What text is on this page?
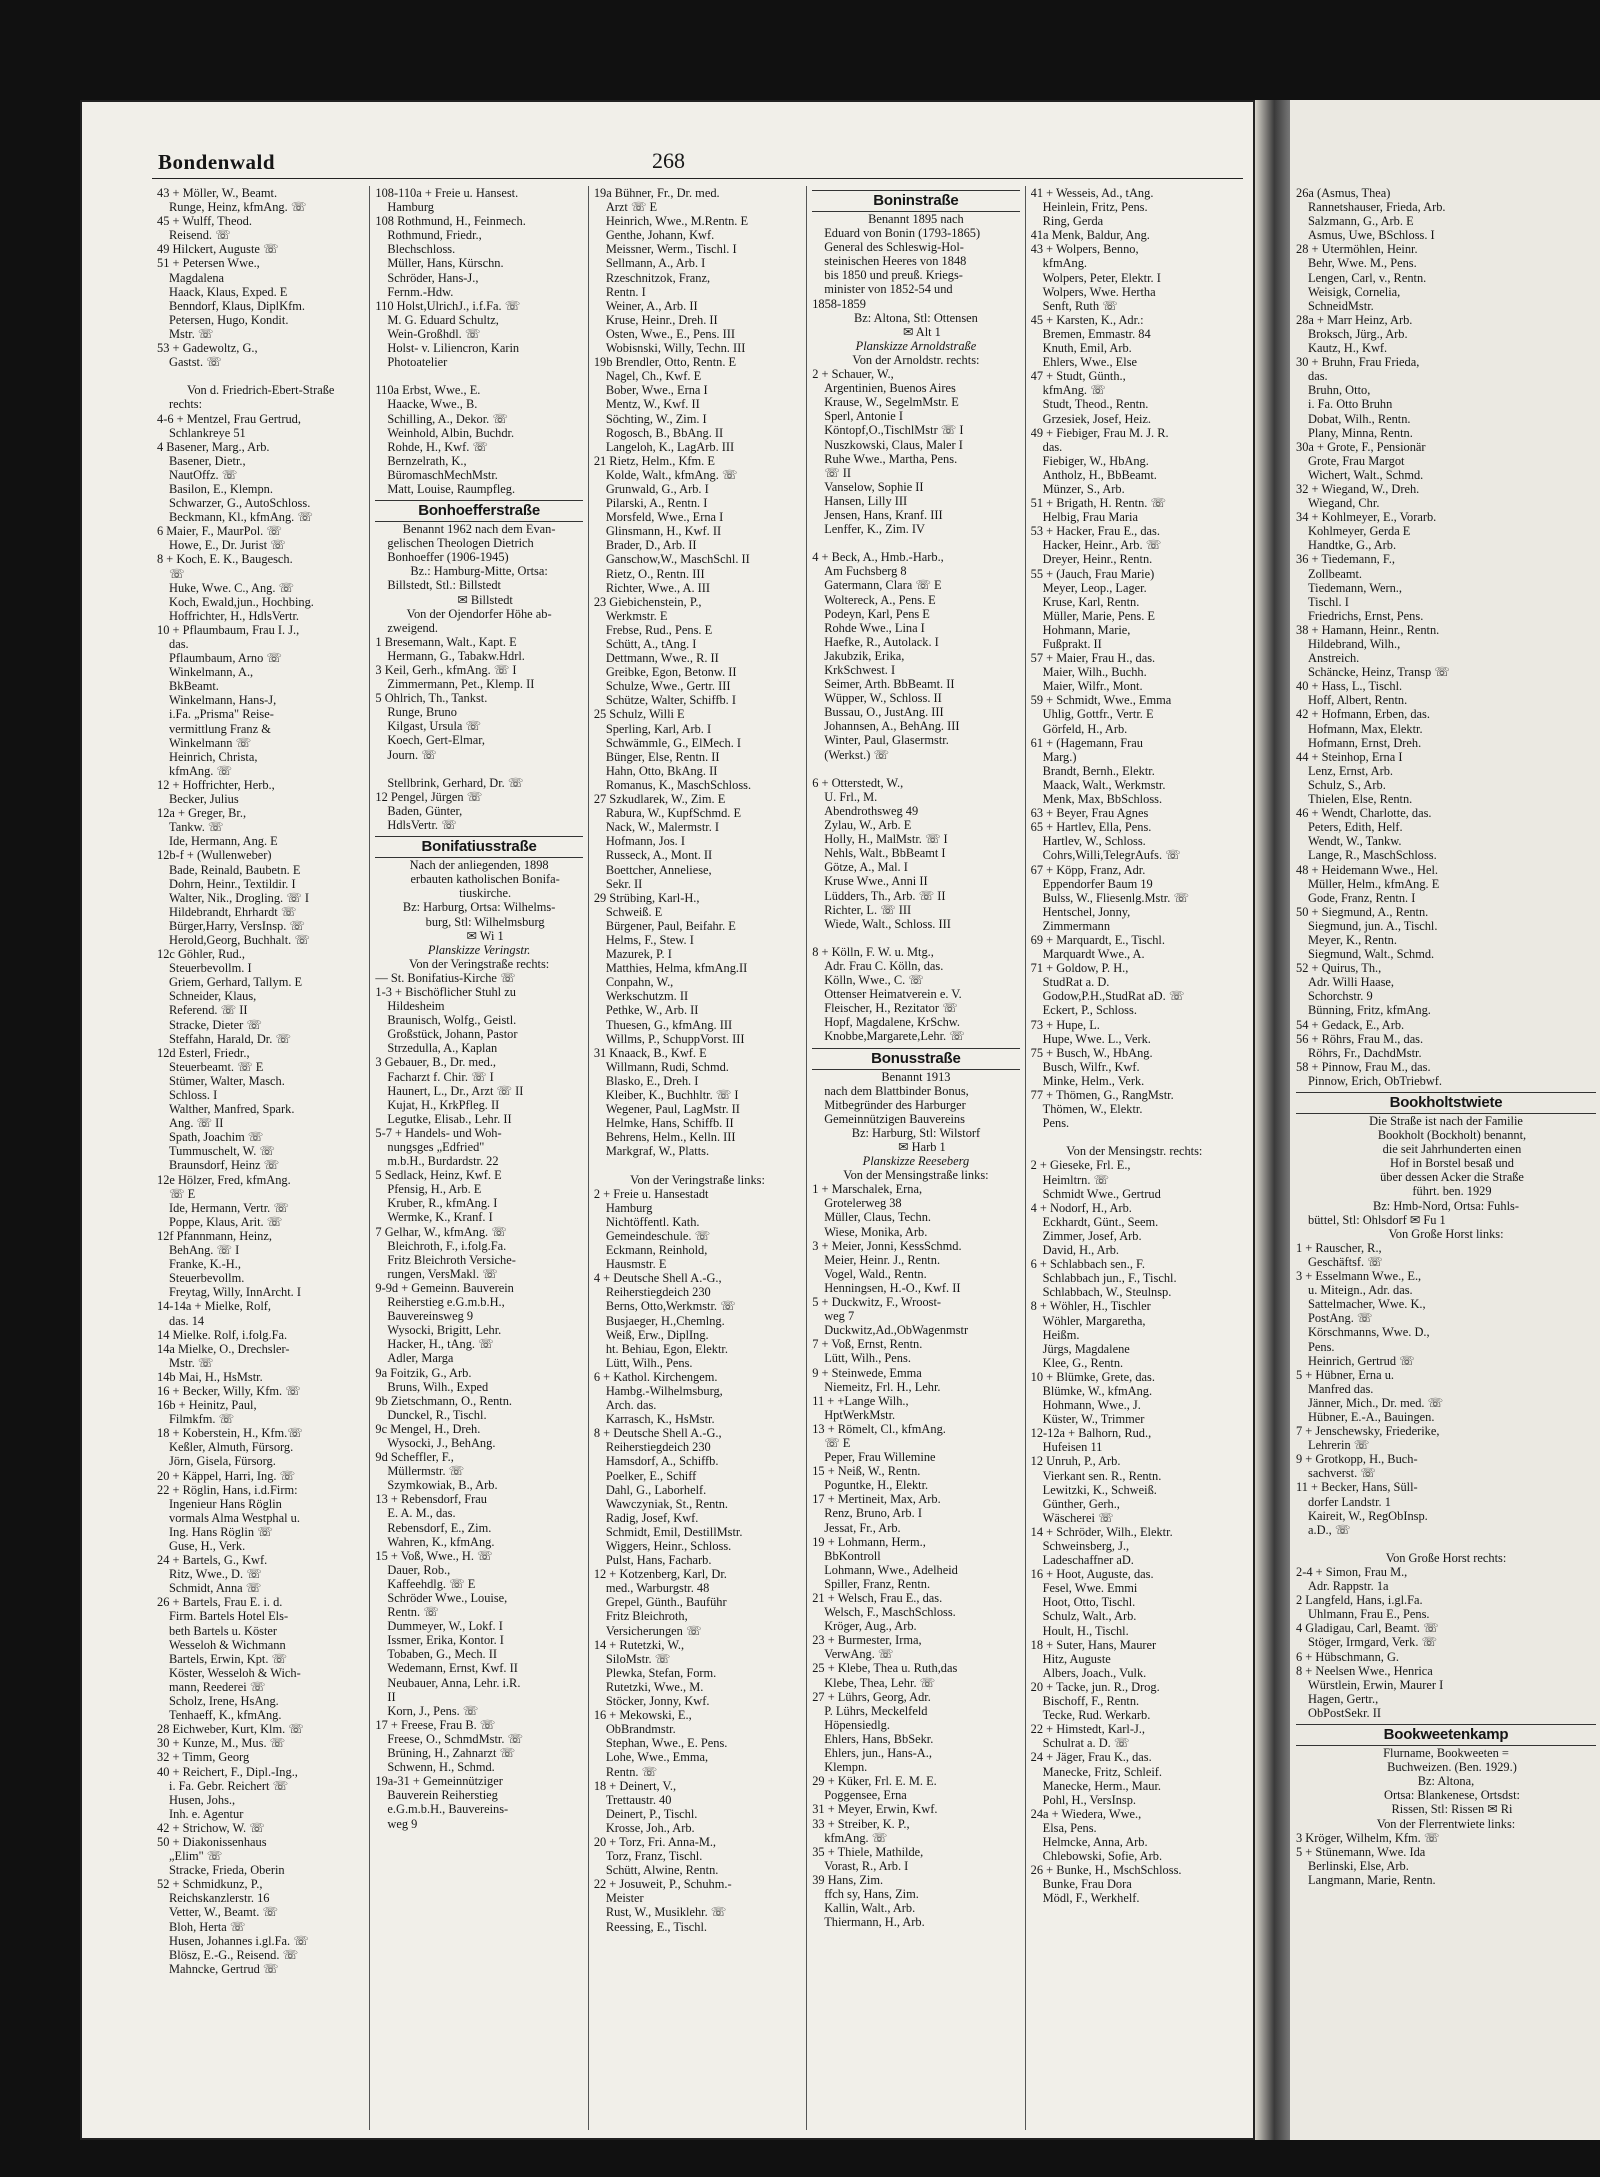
Bondenwald	268
43 + Möller, W., Beamt.
Runge, Heinz, kfmAng. ☏
45 + Wulff, Theod.
Reisend. ☏
49 Hilckert, Auguste ☏
51 + Petersen Wwe.,
Magdalena
Haack, Klaus, Exped. E
Benndorf, Klaus, DiplKfm.
Petersen, Hugo, Kondit.
Mstr. ☏
53 + Gadewoltz, G.,
Gastst. ☏

Von d. Friedrich-Ebert-Straße
rechts:
4-6 + Mentzel, Frau Gertrud,
Schlankreye 51
4 Basener, Marg., Arb.
Basener, Dietr.,
NautOffz. ☏
Basilon, E., Klempn.
Schwarzer, G., AutoSchloss.
Beckmann, Kl., kfmAng. ☏
6 Maier, F., MaurPol. ☏
Howe, E., Dr. Jurist ☏
8 + Koch, E. K., Baugesch.
☏
Huke, Wwe. C., Ang. ☏
Koch, Ewald,jun., Hochbing.
Hoffrichter, H., HdlsVertr.
10 + Pflaumbaum, Frau I. J.,
das.
Pflaumbaum, Arno ☏
Winkelmann, A.,
BkBeamt.
Winkelmann, Hans-J,
i.Fa. „Prisma" Reise-
vermittlung Franz &
Winkelmann ☏
Heinrich, Christa,
kfmAng. ☏
12 + Hoffrichter, Herb.,
Becker, Julius
12a + Greger, Br.,
Tankw. ☏
Ide, Hermann, Ang. E
12b-f + (Wullenweber)
Bade, Reinald, Baubetn. E
Dohrn, Heinr., Textildir. I
Walter, Nik., Drogling. ☏ I
Hildebrandt, Ehrhardt ☏
Bürger,Harry, VersInsp. ☏
Herold,Georg, Buchhalt. ☏
12c Göhler, Rud.,
Steuerbevollm. I
Griem, Gerhard, Tallym. E
Schneider, Klaus,
Referend. ☏ II
Stracke, Dieter ☏
Steffahn, Harald, Dr. ☏
12d Esterl, Friedr.,
Steuerbeamt. ☏ E
Stümer, Walter, Masch.
Schloss. I
Walther, Manfred, Spark.
Ang. ☏ II
Spath, Joachim ☏
Tummuschelt, W. ☏
Braunsdorf, Heinz ☏
12e Hölzer, Fred, kfmAng.
☏ E
Ide, Hermann, Vertr. ☏
Poppe, Klaus, Arit. ☏
12f Pfannmann, Heinz,
BehAng. ☏ I
Franke, K.-H.,
Steuerbevollm.
Freytag, Willy, InnArcht. I
14-14a + Mielke, Rolf,
das. 14
14 Mielke. Rolf, i.folg.Fa.
14a Mielke, O., Drechsler-
Mstr. ☏
14b Mai, H., HsMstr.
16 + Becker, Willy, Kfm. ☏
16b + Heinitz, Paul,
Filmkfm. ☏
18 + Koberstein, H., Kfm.☏
Keßler, Almuth, Fürsorg.
Jörn, Gisela, Fürsorg.
20 + Käppel, Harri, Ing. ☏
22 + Röglin, Hans, i.d.Firm:
Ingenieur Hans Röglin
vormals Alma Westphal u.
Ing. Hans Röglin ☏
Guse, H., Verk.
24 + Bartels, G., Kwf.
Ritz, Wwe., D. ☏
Schmidt, Anna ☏
26 + Bartels, Frau E. i. d.
Firm. Bartels Hotel Els-
beth Bartels u. Köster
Wesseloh & Wichmann
Bartels, Erwin, Kpt. ☏
Köster, Wesseloh & Wich-
mann, Reederei ☏
Scholz, Irene, HsAng.
Tenhaeff, K., kfmAng.
28 Eichweber, Kurt, Klm. ☏
30 + Kunze, M., Mus. ☏
32 + Timm, Georg
40 + Reichert, F., Dipl.-Ing.,
i. Fa. Gebr. Reichert ☏
Husen, Johs.,
Inh. e. Agentur
42 + Strichow, W. ☏
50 + Diakonissenhaus
„Elim" ☏
Stracke, Frieda, Oberin
52 + Schmidkunz, P.,
Reichskanzlerstr. 16
Vetter, W., Beamt. ☏
Bloh, Herta ☏
Husen, Johannes i.gl.Fa. ☏
Blösz, E.-G., Reisend. ☏
Mahncke, Gertrud ☏
108-110a + Freie u. Hansest.
Hamburg
108 Rothmund, H., Feinmech.
Rothmund, Friedr.,
Blechschloss.
Müller, Hans, Kürschn.
Schröder, Hans-J.,
Fernm.-Hdw.
110 Holst,UlrichJ., i.f.Fa. ☏
M. G. Eduard Schultz,
Wein-Großhdl. ☏
Holst- v. Liliencron, Karin
Photoatelier

110a Erbst, Wwe., E.
Haacke, Wwe., B.
Schilling, A., Dekor. ☏
Weinhold, Albin, Buchdr.
Rohde, H., Kwf. ☏
Bernzelrath, K.,
BüromaschMechMstr.
Matt, Louise, Raumpfleg.
Bonhoefferstraße
Benannt 1962 nach dem Evan-
gelischen Theologen Dietrich
Bonhoeffer (1906-1945)
Bz.: Hamburg-Mitte, Ortsa:
Billstedt, Stl.: Billstedt
✉ Billstedt
Von der Ojendorfer Höhe ab-
zweigend.
1 Bresemann, Walt., Kapt. E
Hermann, G., Tabakw.Hdrl.
3 Keil, Gerh., kfmAng. ☏ I
Zimmermann, Pet., Klemp. II
5 Ohlrich, Th., Tankst.
Runge, Bruno
Kilgast, Ursula ☏
Koech, Gert-Elmar,
Journ. ☏

Stellbrink, Gerhard, Dr. ☏
12 Pengel, Jürgen ☏
Baden, Günter,
HdlsVertr. ☏
Bonifatiusstraße
Nach der anliegenden, 1898
erbauten katholischen Bonifa-
tiuskirche.
Bz: Harburg, Ortsa: Wilhelms-
burg, Stl: Wilhelmsburg
✉ Wi 1
Planskizze Veringstr.
Von der Veringstraße rechts:
— St. Bonifatius-Kirche ☏
1-3 + Bischöflicher Stuhl zu
Hildesheim
Braunisch, Wolfg., Geistl.
Großstück, Johann, Pastor
Strzedulla, A., Kaplan
3 Gebauer, B., Dr. med.,
Facharzt f. Chir. ☏ I
Haunert, L., Dr., Arzt ☏ II
Kujat, H., KrkPfleg. II
Legutke, Elisab., Lehr. II
5-7 + Handels- und Woh-
nungsges „Edfried"
m.b.H., Burdardstr. 22
5 Sedlack, Heinz, Kwf. E
Pfensig, H., Arb. E
Kruber, R., kfmAng. I
Wermke, K., Kranf. I
7 Gelhar, W., kfmAng. ☏
Bleichroth, F., i.folg.Fa.
Fritz Bleichroth Versiche-
rungen, VersMakl. ☏
9-9d + Gemeinn. Bauverein
Reiherstieg e.G.m.b.H.,
Bauvereinsweg 9
Wysocki, Brigitt, Lehr.
Hacker, H., tAng. ☏
Adler, Marga
9a Foitzik, G., Arb.
Bruns, Wilh., Exped
9b Zietschmann, O., Rentn.
Dunckel, R., Tischl.
9c Mengel, H., Dreh.
Wysocki, J., BehAng.
9d Scheffler, F.,
Müllermstr. ☏
Szymkowiak, B., Arb.
13 + Rebensdorf, Frau
E. A. M., das.
Rebensdorf, E., Zim.
Wahren, K., kfmAng.
15 + Voß, Wwe., H. ☏
Dauer, Rob.,
Kaffeehdlg. ☏ E
Schröder Wwe., Louise,
Rentn. ☏
Dummeyer, W., Lokf. I
Issmer, Erika, Kontor. I
Tobaben, G., Mech. II
Wedemann, Ernst, Kwf. II
Neubauer, Anna, Lehr. i.R.
II
Korn, J., Pens. ☏
17 + Freese, Frau B. ☏
Freese, O., SchmdMstr. ☏
Brüning, H., Zahnarzt ☏
Schwenn, H., Schmd.
19a-31 + Gemeinnütziger
Bauverein Reiherstieg
e.G.m.b.H., Bauvereins-
weg 9
19a Bühner, Fr., Dr. med.
Arzt ☏ E
Heinrich, Wwe., M.Rentn. E
Genthe, Johann, Kwf.
Meissner, Werm., Tischl. I
Sellmann, A., Arb. I
Rzeschnitzok, Franz,
Rentn. I
Weiner, A., Arb. II
Kruse, Heinr., Dreh. II
Osten, Wwe., E., Pens. III
Wobisnski, Willy, Techn. III
19b Brendler, Otto, Rentn. E
Nagel, Ch., Kwf. E
Bober, Wwe., Erna I
Mentz, W., Kwf. II
Söchting, W., Zim. I
Rogosch, B., BbAng. II
Langeloh, K., LagArb. III
21 Rietz, Helm., Kfm. E
Kolde, Walt., kfmAng. ☏
Grunwald, G., Arb. I
Pilarski, A., Rentn. I
Morsfeld, Wwe., Erna I
Glinsmann, H., Kwf. II
Brader, D., Arb. II
Ganschow,W., MaschSchl. II
Rietz, O., Rentn. III
Richter, Wwe., A. III
23 Giebichenstein, P.,
Werkmstr. E
Frebse, Rud., Pens. E
Schütt, A., tAng. I
Dettmann, Wwe., R. II
Greibke, Egon, Betonw. II
Schulze, Wwe., Gertr. III
Schütze, Walter, Schiffb. I
25 Schulz, Willi E
Sperling, Karl, Arb. I
Schwämmle, G., ElMech. I
Bünger, Else, Rentn. II
Hahn, Otto, BkAng. II
Romanus, K., MaschSchloss.
27 Szkudlarek, W., Zim. E
Rabura, W., KupfSchmd. E
Nack, W., Malermstr. I
Hofmann, Jos. I
Russeck, A., Mont. II
Boettcher, Anneliese,
Sekr. II
29 Strübing, Karl-H.,
Schweiß. E
Bürgener, Paul, Beifahr. E
Helms, F., Stew. I
Mazurek, P. I
Matthies, Helma, kfmAng.II
Conpahn, W.,
Werkschutzm. II
Pethke, W., Arb. II
Thuesen, G., kfmAng. III
Willms, P., SchuppVorst. III
31 Knaack, B., Kwf. E
Willmann, Rudi, Schmd.
Blasko, E., Dreh. I
Kleiber, K., Buchhltr. ☏ I
Wegener, Paul, LagMstr. II
Helmke, Hans, Schiffb. II
Behrens, Helm., Kelln. III
Markgraf, W., Platts.

Von der Veringstraße links:
2 + Freie u. Hansestadt
Hamburg
Nichtöffentl. Kath.
Gemeindeschule. ☏
Eckmann, Reinhold,
Hausmstr. E
4 + Deutsche Shell A.-G.,
Reiherstiegdeich 230
Berns, Otto,Werkmstr. ☏
Busjaeger, H.,Chemlng.
Weiß, Erw., DiplIng.
ht. Behiau, Egon, Elektr.
Lütt, Wilh., Pens.
6 + Kathol. Kirchengem.
Hambg.-Wilhelmsburg,
Arch. das.
Karrasch, K., HsMstr.
8 + Deutsche Shell A.-G.,
Reiherstiegdeich 230
Hamsdorf, A., Schiffb.
Poelker, E., Schiff
Dahl, G., Laborhelf.
Wawczyniak, St., Rentn.
Radig, Josef, Kwf.
Schmidt, Emil, DestillMstr.
Wiggers, Heinr., Schloss.
Pulst, Hans, Facharb.
12 + Kotzenberg, Karl, Dr.
med., Warburgstr. 48
Grepel, Günth., Bauführ
Fritz Bleichroth,
Versicherungen ☏
14 + Rutetzki, W.,
SiloMstr. ☏
Plewka, Stefan, Form.
Rutetzki, Wwe., M.
Stöcker, Jonny, Kwf.
16 + Mekowski, E.,
ObBrandmstr.
Stephan, Wwe., E. Pens.
Lohe, Wwe., Emma,
Rentn. ☏
18 + Deinert, V.,
Trettaustr. 40
Deinert, P., Tischl.
Krosse, Joh., Arb.
20 + Torz, Fri. Anna-M.,
Torz, Franz, Tischl.
Schütt, Alwine, Rentn.
22 + Josuweit, P., Schuhm.-
Meister
Rust, W., Musiklehr. ☏
Reessing, E., Tischl.
Boninstraße
Benannt 1895 nach
Eduard von Bonin (1793-1865)
General des Schleswig-Hol-
steinischen Heeres von 1848
bis 1850 und preuß. Kriegs-
minister von 1852-54 und
1858-1859
Bz: Altona, Stl: Ottensen
✉ Alt 1
Planskizze Arnoldstraße
Von der Arnoldstr. rechts:
2 + Schauer, W.,
Argentinien, Buenos Aires
Krause, W., SegelmMstr. E
Sperl, Antonie I
Köntopf,O.,TischlMstr ☏ I
Nuszkowski, Claus, Maler I
Ruhe Wwe., Martha, Pens.
☏ II
Vanselow, Sophie II
Hansen, Lilly III
Jensen, Hans, Kranf. III
Lenffer, K., Zim. IV

4 + Beck, A., Hmb.-Harb.,
Am Fuchsberg 8
Gatermann, Clara ☏ E
Woltereck, A., Pens. E
Podeyn, Karl, Pens E
Rohde Wwe., Lina I
Haefke, R., Autolack. I
Jakubzik, Erika,
KrkSchwest. I
Seimer, Arth. BbBeamt. II
Wüpper, W., Schloss. II
Bussau, O., JustAng. III
Johannsen, A., BehAng. III
Winter, Paul, Glasermstr.
(Werkst.) ☏

6 + Otterstedt, W.,
U. Frl., M.
Abendrothsweg 49
Zylau, W., Arb. E
Holly, H., MalMstr. ☏ I
Nehls, Walt., BbBeamt I
Götze, A., Mal. I
Kruse Wwe., Anni II
Lüdders, Th., Arb. ☏ II
Richter, L. ☏ III
Wiede, Walt., Schloss. III

8 + Kölln, F. W. u. Mtg.,
Adr. Frau C. Kölln, das.
Kölln, Wwe., C. ☏
Ottenser Heimatverein e. V.
Fleischer, H., Rezitator ☏
Hopf, Magdalene, KrSchw.
Knobbe,Margarete,Lehr. ☏
Bonusstraße
Benannt 1913
nach dem Blattbinder Bonus,
Mitbegründer des Harburger
Gemeinnützigen Bauvereins
Bz: Harburg, Stl: Wilstorf
✉ Harb 1
Planskizze Reeseberg
Von der Mensingstraße links:
1 + Marschalek, Erna,
Grotelerweg 38
Müller, Claus, Techn.
Wiese, Monika, Arb.
3 + Meier, Jonni, KessSchmd.
Meier, Heinr. J., Rentn.
Vogel, Wald., Rentn.
Henningsen, H.-O., Kwf. II
5 + Duckwitz, F., Wroost-
weg 7
Duckwitz,Ad.,ObWagenmstr
7 + Voß, Ernst, Rentn.
Lütt, Wilh., Pens.
9 + Steinwede, Emma
Niemeitz, Frl. H., Lehr.
11 + +Lange Wilh.,
HptWerkMstr.
13 + Römelt, Cl., kfmAng.
☏ E
Peper, Frau Willemine
15 + Neiß, W., Rentn.
Poguntke, H., Elektr.
17 + Mertineit, Max, Arb.
Renz, Bruno, Arb. I
Jessat, Fr., Arb.
19 + Lohmann, Herm.,
BbKontroll
Lohmann, Wwe., Adelheid
Spiller, Franz, Rentn.
21 + Welsch, Frau E., das.
Welsch, F., MaschSchloss.
Kröger, Aug., Arb.
23 + Burmester, Irma,
VerwAng. ☏
25 + Klebe, Thea u. Ruth,das
Klebe, Thea, Lehr. ☏
27 + Lührs, Georg, Adr.
P. Lührs, Meckelfeld
Höpensiedlg.
Ehlers, Hans, BbSekr.
Ehlers, jun., Hans-A.,
Klempn.
29 + Küker, Frl. E. M. E.
Poggensee, Erna
31 + Meyer, Erwin, Kwf.
33 + Streiber, K. P.,
kfmAng. ☏
35 + Thiele, Mathilde,
Vorast, R., Arb. I
39 Hans, Zim.
ffch sy, Hans, Zim.
Kallin, Walt., Arb.
Thiermann, H., Arb.
41 + Wesseis, Ad., tAng.
Heinlein, Fritz, Pens.
Ring, Gerda
41a Menk, Baldur, Ang.
43 + Wolpers, Benno,
kfmAng.
Wolpers, Peter, Elektr. I
Wolpers, Wwe. Hertha
Senft, Ruth ☏
45 + Karsten, K., Adr.:
Bremen, Emmastr. 84
Knuth, Emil, Arb.
Ehlers, Wwe., Else
47 + Studt, Günth.,
kfmAng. ☏
Studt, Theod., Rentn.
Grzesiek, Josef, Heiz.
49 + Fiebiger, Frau M. J. R.
das.
Fiebiger, W., HbAng.
Antholz, H., BbBeamt.
Münzer, S., Arb.
51 + Brigath, H. Rentn. ☏
Helbig, Frau Maria
53 + Hacker, Frau E., das.
Hacker, Heinr., Arb. ☏
Dreyer, Heinr., Rentn.
55 + (Jauch, Frau Marie)
Meyer, Leop., Lager.
Kruse, Karl, Rentn.
Müller, Marie, Pens. E
Hohmann, Marie,
Fußprakt. II
57 + Maier, Frau H., das.
Maier, Wilh., Buchh.
Maier, Wilfr., Mont.
59 + Schmidt, Wwe., Emma
Uhlig, Gottfr., Vertr. E
Görfeld, H., Arb.
61 + (Hagemann, Frau
Marg.)
Brandt, Bernh., Elektr.
Maack, Walt., Werkmstr.
Menk, Max, BbSchloss.
63 + Beyer, Frau Agnes
65 + Hartlev, Ella, Pens.
Hartlev, W., Schloss.
Cohrs,Willi,TelegrAufs. ☏
67 + Köpp, Franz, Adr.
Eppendorfer Baum 19
Bulss, W., Fliesenlg.Mstr. ☏
Hentschel, Jonny,
Zimmermann
69 + Marquardt, E., Tischl.
Marquardt Wwe., A.
71 + Goldow, P. H.,
StudRat a. D.
Godow,P.H.,StudRat aD. ☏
Eckert, P., Schloss.
73 + Hupe, L.
Hupe, Wwe. L., Verk.
75 + Busch, W., HbAng.
Busch, Wilfr., Kwf.
Minke, Helm., Verk.
77 + Thömen, G., RangMstr.
Thömen, W., Elektr.
Pens.

Von der Mensingstr. rechts:
2 + Gieseke, Frl. E.,
Heimltrn. ☏
Schmidt Wwe., Gertrud
4 + Nodorf, H., Arb.
Eckhardt, Günt., Seem.
Zimmer, Josef, Arb.
David, H., Arb.
6 + Schlabbach sen., F.
Schlabbach jun., F., Tischl.
Schlabbach, W., Steulnsp.
8 + Wöhler, H., Tischler
Wöhler, Margaretha,
Heißm.
Jürgs, Magdalene
Klee, G., Rentn.
10 + Blümke, Grete, das.
Blümke, W., kfmAng.
Hohmann, Wwe., J.
Küster, W., Trimmer
12-12a + Balhorn, Rud.,
Hufeisen 11
12 Unruh, P., Arb.
Vierkant sen. R., Rentn.
Lewitzki, K., Schweiß.
Günther, Gerh.,
Wäscherei ☏
14 + Schröder, Wilh., Elektr.
Schweinsberg, J.,
Ladeschaffner aD.
16 + Hoot, Auguste, das.
Fesel, Wwe. Emmi
Hoot, Otto, Tischl.
Schulz, Walt., Arb.
Hoult, H., Tischl.
18 + Suter, Hans, Maurer
Hitz, Auguste
Albers, Joach., Vulk.
20 + Tacke, jun. R., Drog.
Bischoff, F., Rentn.
Tecke, Rud. Werkarb.
22 + Himstedt, Karl-J.,
Schulrat a. D. ☏
24 + Jäger, Frau K., das.
Manecke, Fritz, Schleif.
Manecke, Herm., Maur.
Pohl, H., VersInsp.
24a + Wiedera, Wwe.,
Elsa, Pens.
Helmcke, Anna, Arb.
Chlebowski, Sofie, Arb.
26 + Bunke, H., MschSchloss.
Bunke, Frau Dora
Mödl, F., Werkhelf.
26a (Asmus, Thea)
Rannetshauser, Frieda, Arb.
Salzmann, G., Arb. E
Asmus, Uwe, BSchloss. I
28 + Utermöhlen, Heinr.
Behr, Wwe. M., Pens.
Lengen, Carl, v., Rentn.
Weisigk, Cornelia,
SchneidMstr.
28a + Marr Heinz, Arb.
Broksch, Jürg., Arb.
Kautz, H., Kwf.
30 + Bruhn, Frau Frieda,
das.
Bruhn, Otto,
i. Fa. Otto Bruhn
Dobat, Wilh., Rentn.
Plany, Minna, Rentn.
30a + Grote, F., Pensionär
Grote, Frau Margot
Wichert, Walt., Schmd.
32 + Wiegand, W., Dreh.
Wiegand, Chr.
34 + Kohlmeyer, E., Vorarb.
Kohlmeyer, Gerda E
Handtke, G., Arb.
36 + Tiedemann, F.,
Zollbeamt.
Tiedemann, Wern.,
Tischl. I
Friedrichs, Ernst, Pens.
38 + Hamann, Heinr., Rentn.
Hildebrand, Wilh.,
Anstreich.
Schäncke, Heinz, Transp ☏
40 + Hass, L., Tischl.
Hoff, Albert, Rentn.
42 + Hofmann, Erben, das.
Hofmann, Max, Elektr.
Hofmann, Ernst, Dreh.
44 + Steinhop, Erna I
Lenz, Ernst, Arb.
Schulz, S., Arb.
Thielen, Else, Rentn.
46 + Wendt, Charlotte, das.
Peters, Edith, Helf.
Wendt, W., Tankw.
Lange, R., MaschSchloss.
48 + Heidemann Wwe., Hel.
Müller, Helm., kfmAng. E
Gode, Franz, Rentn. I
50 + Siegmund, A., Rentn.
Siegmund, jun. A., Tischl.
Meyer, K., Rentn.
Siegmund, Walt., Schmd.
52 + Quirus, Th.,
Adr. Willi Haase,
Schorchstr. 9
Bünning, Fritz, kfmAng.
54 + Gedack, E., Arb.
56 + Röhrs, Frau M., das.
Röhrs, Fr., DachdMstr.
58 + Pinnow, Frau M., das.
Pinnow, Erich, ObTriebwf.
Bookholtstwiete
Die Straße ist nach der Familie
Bookholt (Bockholt) benannt,
die seit Jahrhunderten einen
Hof in Borstel besaß und
über dessen Acker die Straße
führt. ben. 1929
Bz: Hmb-Nord, Ortsa: Fuhls-
büttel, Stl: Ohlsdorf ✉ Fu 1
Von Große Horst links:
1 + Rauscher, R.,
Geschäftsf. ☏
3 + Esselmann Wwe., E.,
u. Miteign., Adr. das.
Sattelmacher, Wwe. K.,
PostAng. ☏
Körschmanns, Wwe. D.,
Pens.
Heinrich, Gertrud ☏
5 + Hübner, Erna u.
Manfred das.
Jänner, Mich., Dr. med. ☏
Hübner, E.-A., Bauingen.
7 + Jenschewsky, Friederike,
Lehrerin ☏
9 + Grotkopp, H., Buch-
sachverst. ☏
11 + Becker, Hans, Süll-
dorfer Landstr. 1
Kaireit, W., RegObInsp.
a.D., ☏

Von Große Horst rechts:
2-4 + Simon, Frau M.,
Adr. Rappstr. 1a
2 Langfeld, Hans, i.gl.Fa.
Uhlmann, Frau E., Pens.
4 Gladigau, Carl, Beamt. ☏
Stöger, Irmgard, Verk. ☏
6 + Hübschmann, G.
8 + Neelsen Wwe., Henrica
Würstlein, Erwin, Maurer I
Hagen, Gertr.,
ObPostSekr. II
Bookweetenkamp
Flurname, Bookweeten =
Buchweizen. (Ben. 1929.)
Bz: Altona,
Ortsa: Blankenese, Ortsdst:
Rissen, Stl: Rissen ✉ Ri
Von der Flerrentwiete links:
3 Kröger, Wilhelm, Kfm. ☏
5 + Stünemann, Wwe. Ida
Berlinski, Else, Arb.
Langmann, Marie, Rentn.
